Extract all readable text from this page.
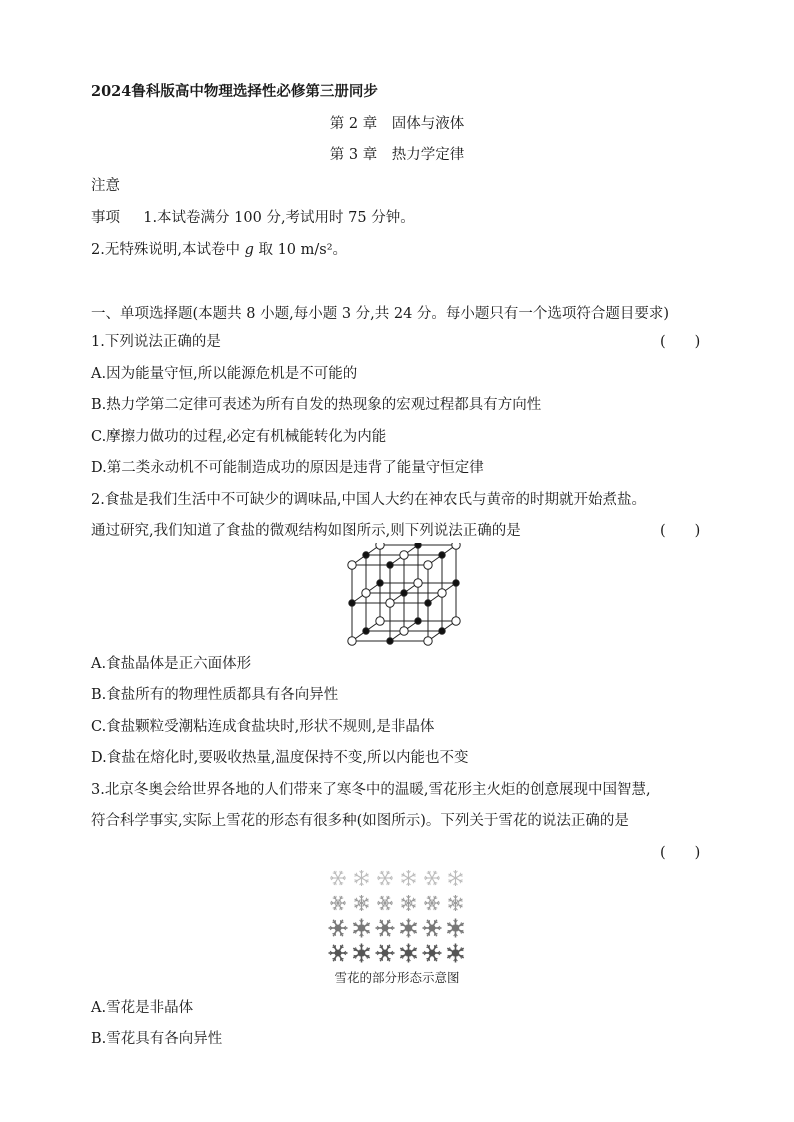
2024鲁科版高中物理选择性必修第三册同步
第 2 章　固体与液体
第 3 章　热力学定律
注意
事项 1.本试卷满分 100 分,考试用时 75 分钟。
2.无特殊说明,本试卷中 g 取 10 m/s²。
一、单项选择题(本题共 8 小题,每小题 3 分,共 24 分。每小题只有一个选项符合题目要求)
1.下列说法正确的是	(　　)
A.因为能量守恒,所以能源危机是不可能的
B.热力学第二定律可表述为所有自发的热现象的宏观过程都具有方向性
C.摩擦力做功的过程,必定有机械能转化为内能
D.第二类永动机不可能制造成功的原因是违背了能量守恒定律
2.食盐是我们生活中不可缺少的调味品,中国人大约在神农氏与黄帝的时期就开始煮盐。
通过研究,我们知道了食盐的微观结构如图所示,则下列说法正确的是	(　　)
A.食盐晶体是正六面体形
B.食盐所有的物理性质都具有各向异性
C.食盐颗粒受潮粘连成食盐块时,形状不规则,是非晶体
D.食盐在熔化时,要吸收热量,温度保持不变,所以内能也不变
3.北京冬奥会给世界各地的人们带来了寒冬中的温暖,雪花形主火炬的创意展现中国智慧,
符合科学事实,实际上雪花的形态有很多种(如图所示)。下列关于雪花的说法正确的是
(　　)
雪花的部分形态示意图
A.雪花是非晶体
B.雪花具有各向异性
